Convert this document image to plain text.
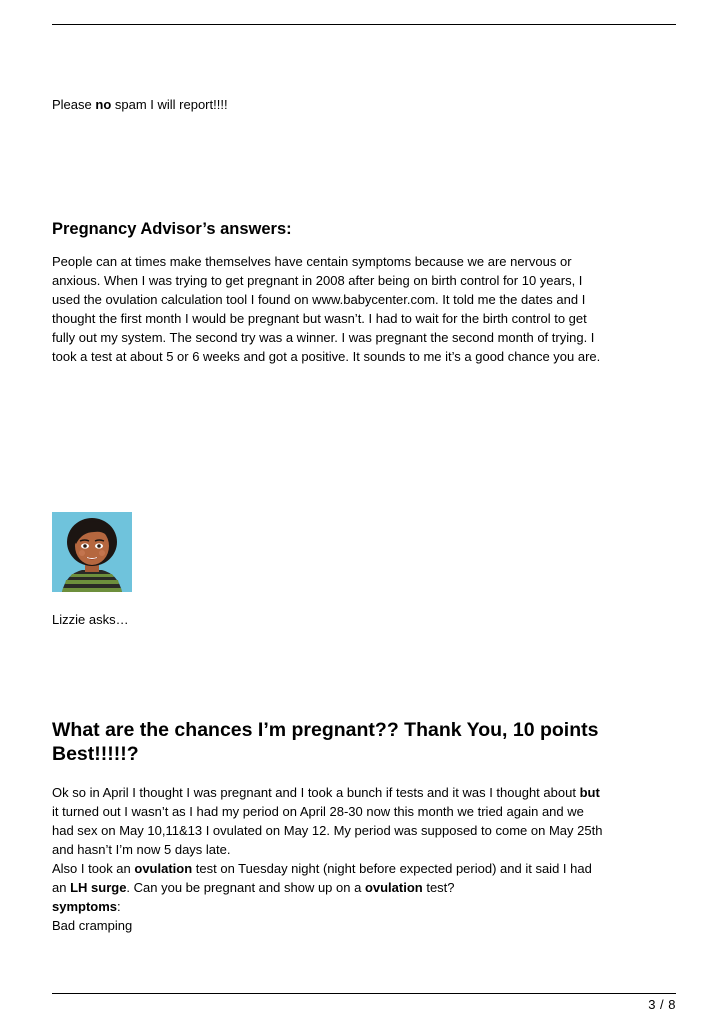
Please no spam I will report!!!!

Pregnancy Advisor’s answers:
People can at times make themselves have centain symptoms because we are nervous or
anxious. When I was trying to get pregnant in 2008 after being on birth control for 10 years, I
used the ovulation calculation tool I found on www.babycenter.com. It told me the dates and I
thought the first month I would be pregnant but wasn’t. I had to wait for the birth control to get
fully out my system. The second try was a winner. I was pregnant the second month of trying. I
took a test at about 5 or 6 weeks and got a positive. It sounds to me it’s a good chance you are.

Lizzie asks…

What are the chances I’m pregnant?? Thank You, 10 points
Best!!!!!?
Ok so in April I thought I was pregnant and I took a bunch if tests and it was I thought about but
it turned out I wasn’t as I had my period on April 28-30 now this month we tried again and we
had sex on May 10,11&13 I ovulated on May 12. My period was supposed to come on May 25th
and hasn’t I’m now 5 days late.
Also I took an ovulation test on Tuesday night (night before expected period) and it said I had
an LH surge. Can you be pregnant and show up on a ovulation test?
symptoms:
Bad cramping
3 / 8
